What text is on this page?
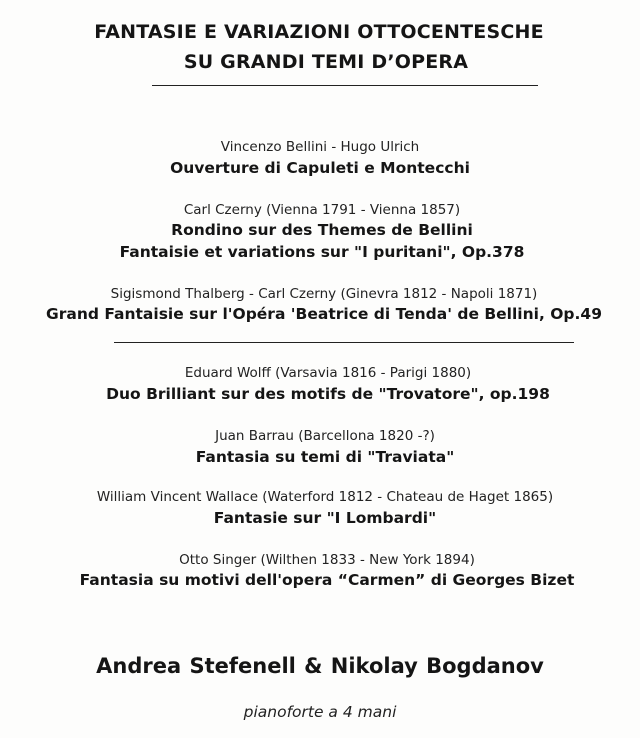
FANTASIE E VARIAZIONI OTTOCENTESCHE
SU GRANDI TEMI D’OPERA
Vincenzo Bellini - Hugo Ulrich
Ouverture di Capuleti e Montecchi
Carl Czerny (Vienna 1791 - Vienna 1857)
Rondino sur des Themes de Bellini
Fantaisie et variations sur "I puritani", Op.378
Sigismond Thalberg - Carl Czerny (Ginevra 1812 - Napoli 1871)
Grand Fantaisie sur l'Opéra 'Beatrice di Tenda' de Bellini, Op.49
Eduard Wolff (Varsavia 1816 - Parigi 1880)
Duo Brilliant sur des motifs de "Trovatore", op.198
Juan Barrau (Barcellona 1820 -?)
Fantasia su temi di "Traviata"
William Vincent Wallace (Waterford 1812 - Chateau de Haget 1865)
Fantasie sur "I Lombardi"
Otto Singer (Wilthen 1833 - New York 1894)
Fantasia su motivi dell'opera “Carmen” di Georges Bizet
Andrea Stefenell & Nikolay Bogdanov
pianoforte a 4 mani
